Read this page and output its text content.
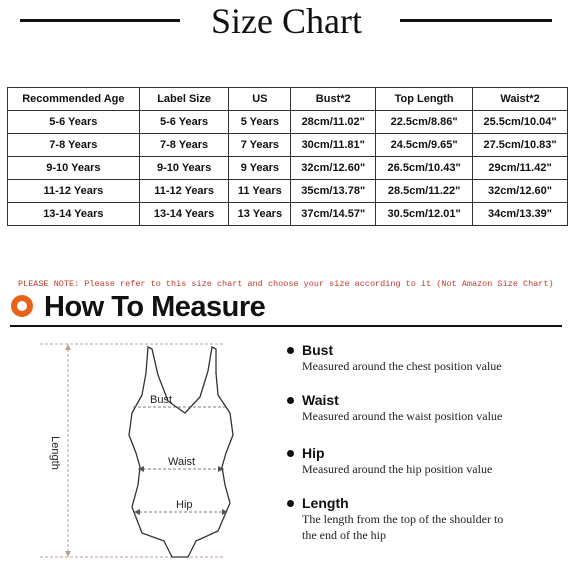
Size Chart
Recommended Age	Label Size	US	Bust*2	Top Length	Waist*2
5-6 Years	5-6 Years	5 Years	28cm/11.02"	22.5cm/8.86"	25.5cm/10.04"
7-8 Years	7-8 Years	7 Years	30cm/11.81"	24.5cm/9.65"	27.5cm/10.83"
9-10 Years	9-10 Years	9 Years	32cm/12.60"	26.5cm/10.43"	29cm/11.42"
11-12 Years	11-12 Years	11 Years	35cm/13.78"	28.5cm/11.22"	32cm/12.60"
13-14 Years	13-14 Years	13 Years	37cm/14.57"	30.5cm/12.01"	34cm/13.39"
PLEASE NOTE: Please refer to this size chart and choose your size according to it (Not Amazon Size Chart)
How To Measure
Length
Bust
Waist
Hip
Bust
Measured around the chest position value
Waist
Measured around the waist position value
Hip
Measured around the hip position value
Length
The length from the top of the shoulder to
the end of the hip
